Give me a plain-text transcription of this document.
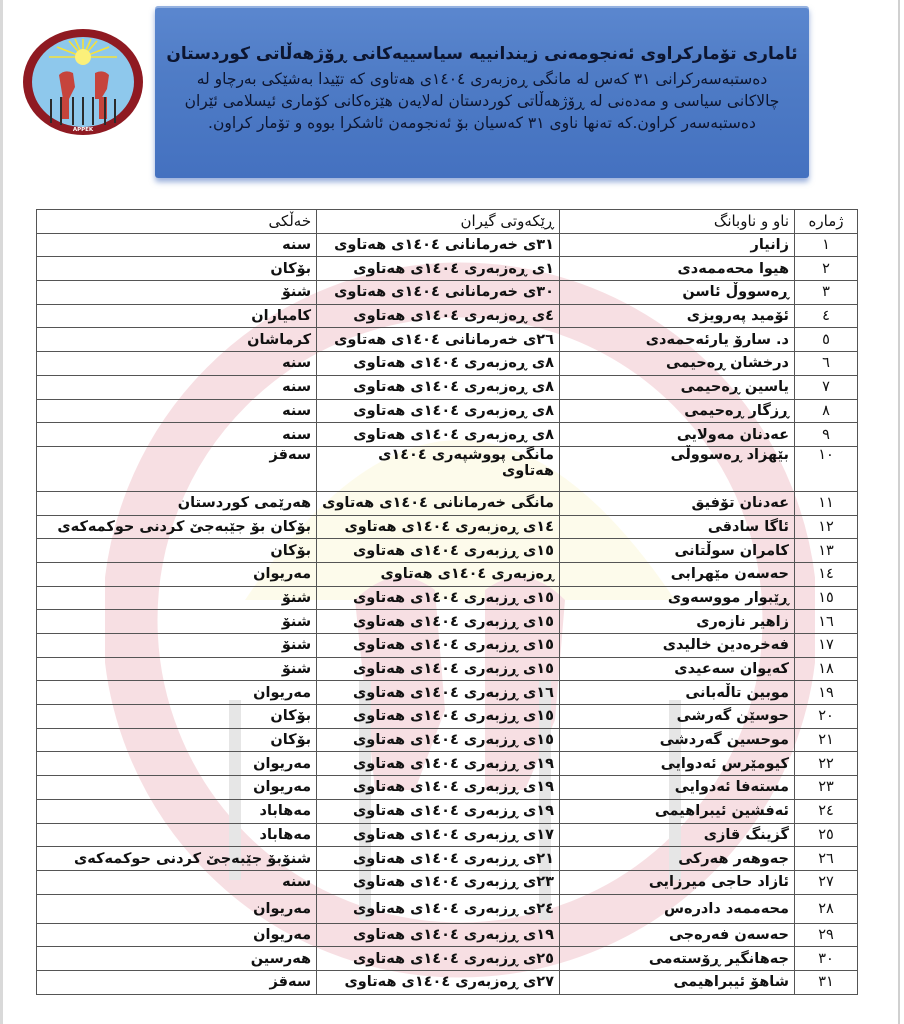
APPEK
ئاماری تۆمارکراوی ئەنجومەنی زیندانییە سیاسییەکانی ڕۆژهەڵاتی کوردستان
دەستبەسەرکرانی ٣١ کەس لە مانگی ڕەزبەری ١٤٠٤ی هەتاوی کە تێیدا بەشێکی بەرچاو لە چالاکانی سیاسی و مەدەنی لە ڕۆژهەڵاتی کوردستان لەلایەن هێزەکانی کۆماری ئیسلامی ئێران دەستبەسەر کراون.کە تەنها ناوی ٣١ کەسیان بۆ ئەنجومەن ئاشکرا بووە و تۆمار کراون.
ژمارە	ناو و ناوبانگ	ڕێکەوتی گیران	خەڵکی
١	زانیار	٣١ی خەرمانانی ١٤٠٤ی هەتاوی	سنە
٢	هیوا محەممەدی	١ی ڕەزبەری ١٤٠٤ی هەتاوی	بۆکان
٣	ڕەسووڵ ئاسن	٣٠ی خەرمانانی ١٤٠٤ی هەتاوی	شنۆ
٤	ئۆمید پەرویزی	٤ی ڕەزبەری ١٤٠٤ی هەتاوی	کامیاران
٥	د. سارۆ یارئەحمەدی	٢٦ی خەرمانانی ١٤٠٤ی هەتاوی	کرماشان
٦	درخشان ڕەحیمی	٨ی ڕەزبەری ١٤٠٤ی هەتاوی	سنە
٧	یاسین ڕەحیمی	٨ی ڕەزبەری ١٤٠٤ی هەتاوی	سنە
٨	ڕزگار ڕەحیمی	٨ی ڕەزبەری ١٤٠٤ی هەتاوی	سنە
٩	عەدنان مەولایی	٨ی ڕەزبەری ١٤٠٤ی هەتاوی	سنە
١٠	بێهزاد ڕەسووڵی	مانگی پووشپەری ١٤٠٤ی هەتاوی	سەقز
١١	عەدنان تۆفیق	مانگی خەرمانانی ١٤٠٤ی هەتاوی	هەرێمی کوردستان
١٢	ئاگا سادقی	١٤ی ڕەزبەری ١٤٠٤ی هەتاوی	بۆکان بۆ جێبەجێ کردنی حوکمەکەی
١٣	کامران سوڵتانی	١٥ی ڕزبەری ١٤٠٤ی هەتاوی	بۆکان
١٤	حەسەن مێهرابی	ڕەزبەری ١٤٠٤ی هەتاوی	مەریوان
١٥	ڕێبوار مووسەوی	١٥ی ڕزبەری ١٤٠٤ی هەتاوی	شنۆ
١٦	زاهیر نازەری	١٥ی ڕزبەری ١٤٠٤ی هەتاوی	شنۆ
١٧	فەخرەدین خالیدی	١٥ی ڕزبەری ١٤٠٤ی هەتاوی	شنۆ
١٨	کەیوان سەعیدی	١٥ی ڕزبەری ١٤٠٤ی هەتاوی	شنۆ
١٩	موبین تاڵەبانی	١٦ی ڕزبەری ١٤٠٤ی هەتاوی	مەریوان
٢٠	حوسێن گەرشی	١٥ی ڕزبەری ١٤٠٤ی هەتاوی	بۆکان
٢١	موحسین گەردشی	١٥ی ڕزبەری ١٤٠٤ی هەتاوی	بۆکان
٢٢	کیومێرس ئەدوایی	١٩ی ڕزبەری ١٤٠٤ی هەتاوی	مەریوان
٢٣	مستەفا ئەدوایی	١٩ی ڕزبەری ١٤٠٤ی هەتاوی	مەریوان
٢٤	ئەفشین ئیبراهیمی	١٩ی ڕزبەری ١٤٠٤ی هەتاوی	مەهاباد
٢٥	گزینگ قازی	١٧ی ڕزبەری ١٤٠٤ی هەتاوی	مەهاباد
٢٦	جەوهەر هەرکی	٢١ی ڕزبەری ١٤٠٤ی هەتاوی	شنۆبۆ جێبەجێ کردنی حوکمەکەی
٢٧	ئازاد حاجی میرزایی	٢٣ی ڕزبەری ١٤٠٤ی هەتاوی	سنە
٢٨	محەممەد دادرەس	٢٤ی ڕزبەری ١٤٠٤ی هەتاوی	مەریوان
٢٩	حەسەن فەرەجی	١٩ی ڕزبەری ١٤٠٤ی هەتاوی	مەریوان
٣٠	جەهانگیر ڕۆستەمی	٢٥ی ڕزبەری ١٤٠٤ی هەتاوی	هەرسین
٣١	شاهۆ ئیبراهیمی	٢٧ی ڕەزبەری ١٤٠٤ی هەتاوی	سەقز
